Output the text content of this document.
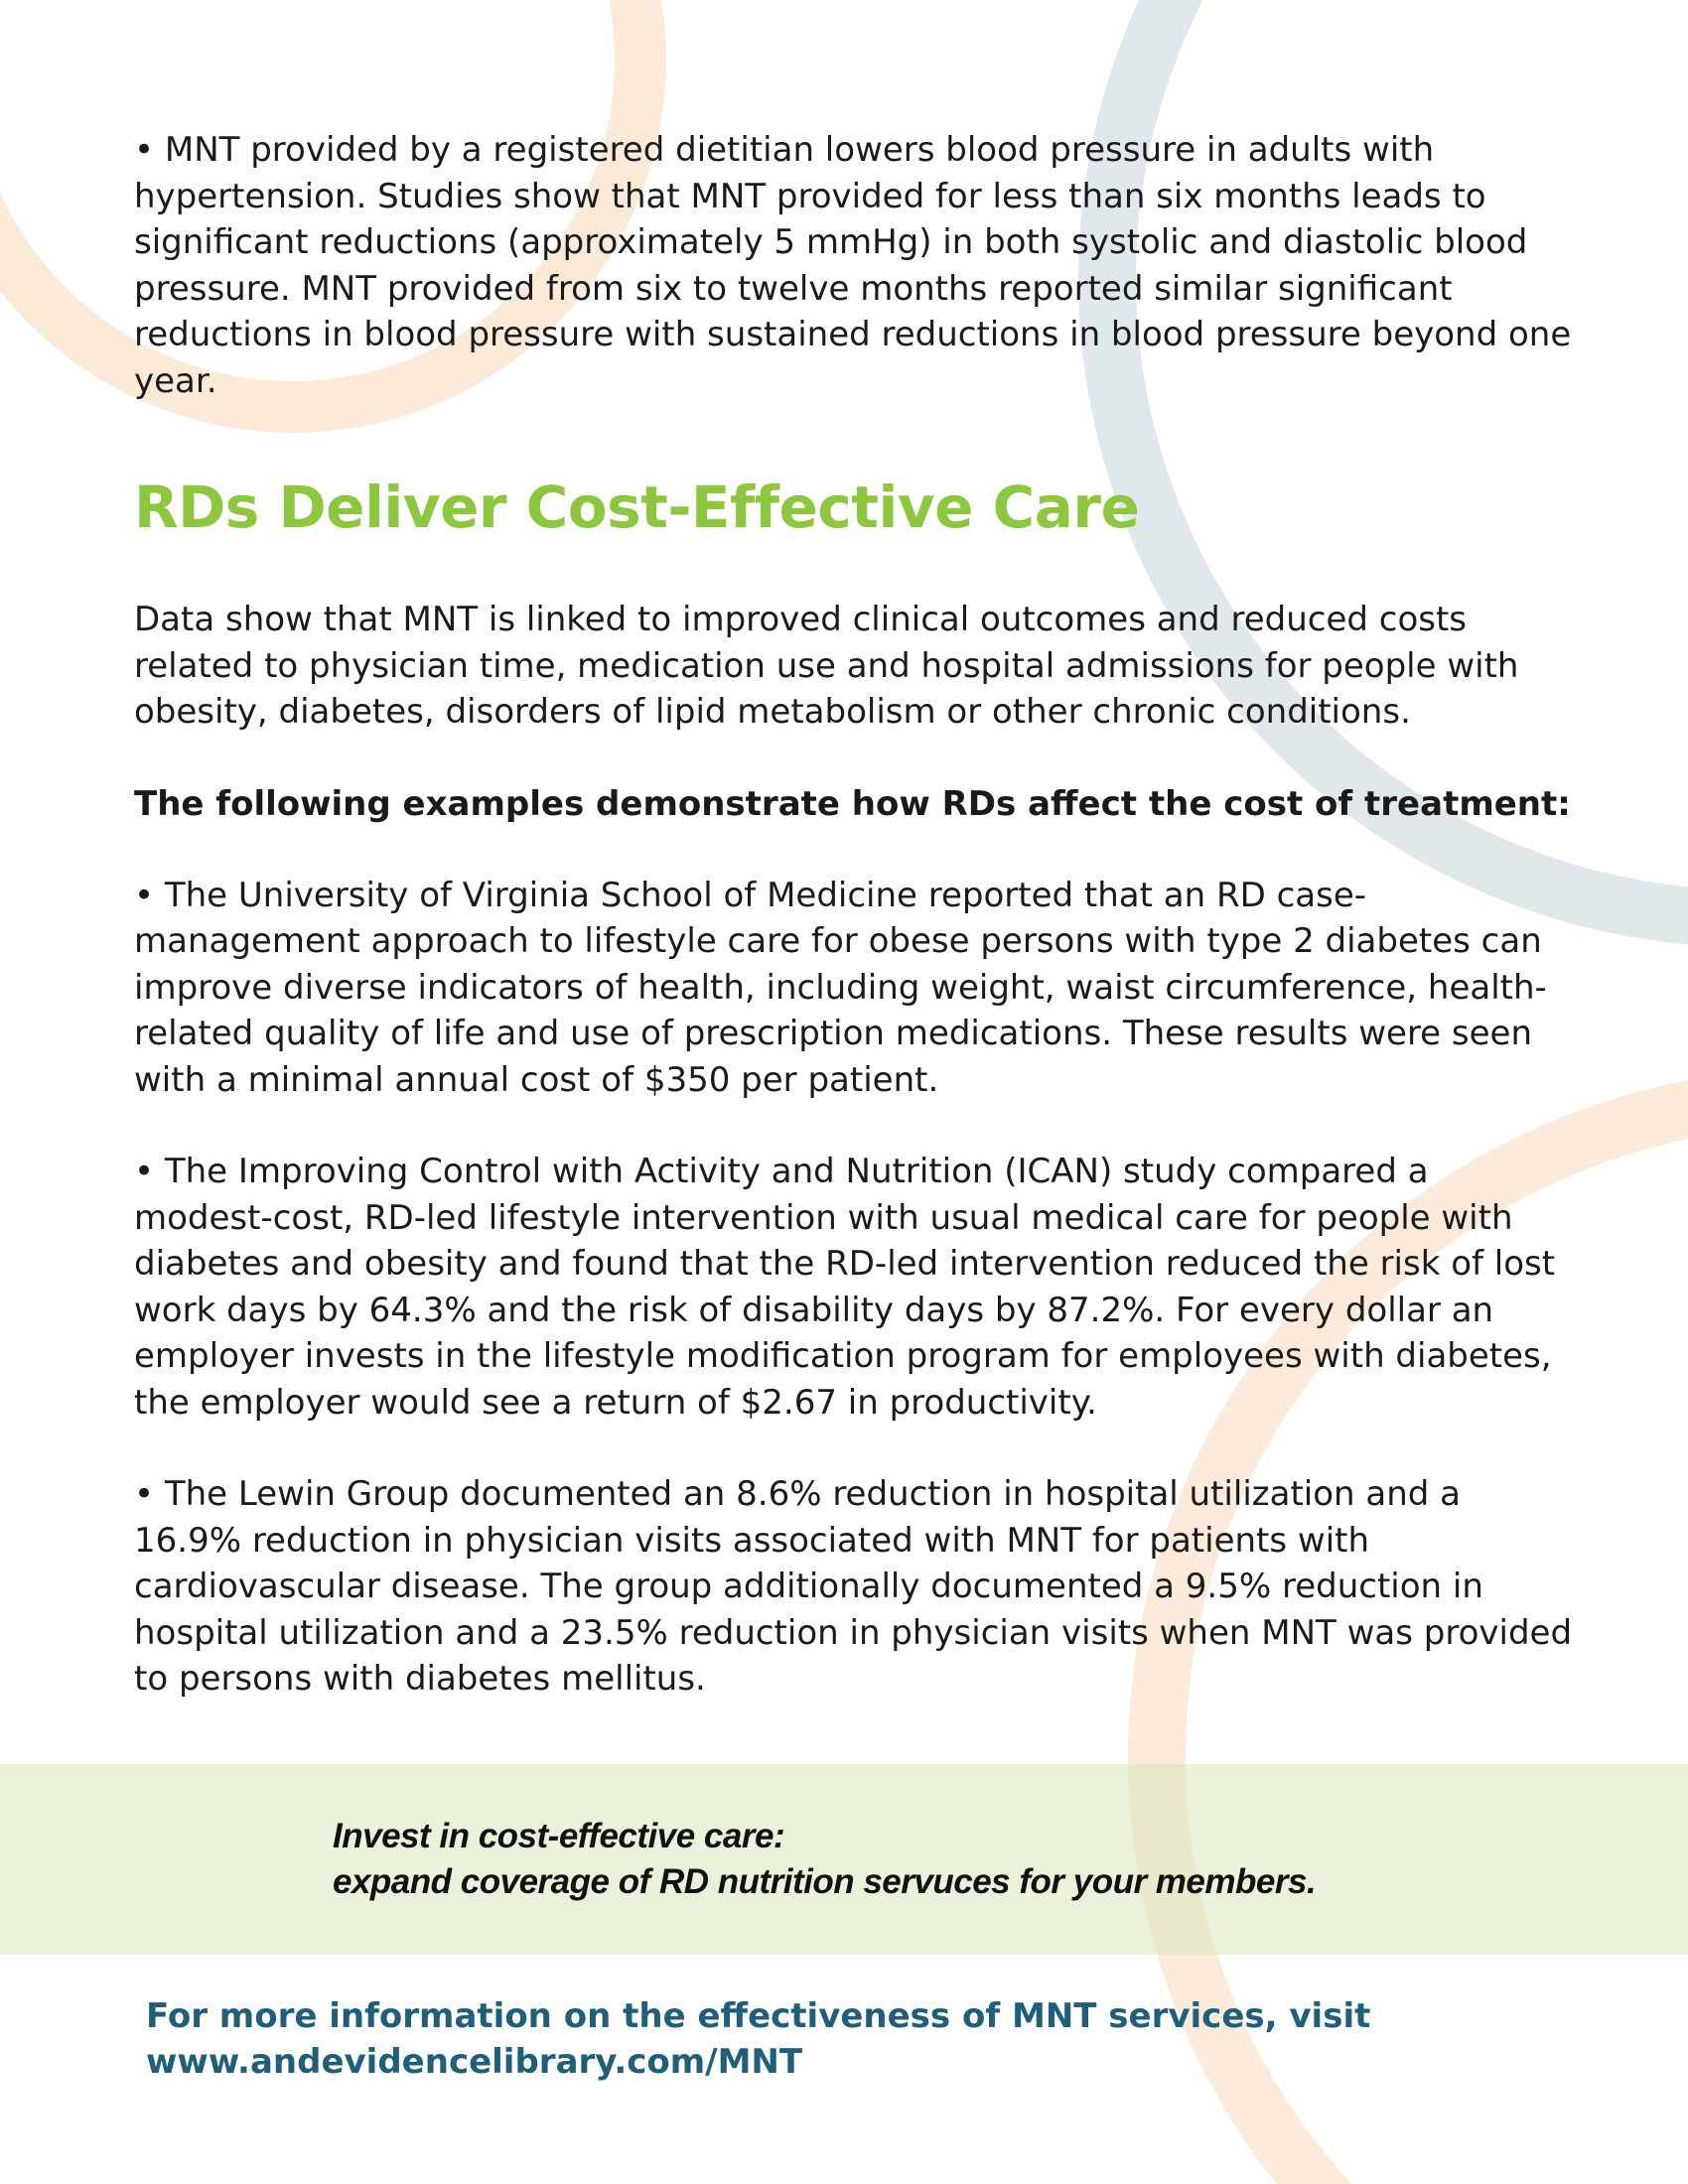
• MNT provided by a registered dietitian lowers blood pressure in adults with hypertension. Studies show that MNT provided for less than six months leads to significant reductions (approximately 5 mmHg) in both systolic and diastolic blood pressure. MNT provided from six to twelve months reported similar significant reductions in blood pressure with sustained reductions in blood pressure beyond one year.

RDs Deliver Cost-Effective Care

Data show that MNT is linked to improved clinical outcomes and reduced costs related to physician time, medication use and hospital admissions for people with obesity, diabetes, disorders of lipid metabolism or other chronic conditions.

The following examples demonstrate how RDs affect the cost of treatment:

• The University of Virginia School of Medicine reported that an RD case-management approach to lifestyle care for obese persons with type 2 diabetes can improve diverse indicators of health, including weight, waist circumference, health-related quality of life and use of prescription medications. These results were seen with a minimal annual cost of $350 per patient.

• The Improving Control with Activity and Nutrition (ICAN) study compared a modest-cost, RD-led lifestyle intervention with usual medical care for people with diabetes and obesity and found that the RD-led intervention reduced the risk of lost work days by 64.3% and the risk of disability days by 87.2%. For every dollar an employer invests in the lifestyle modification program for employees with diabetes, the employer would see a return of $2.67 in productivity.

• The Lewin Group documented an 8.6% reduction in hospital utilization and a 16.9% reduction in physician visits associated with MNT for patients with cardiovascular disease. The group additionally documented a 9.5% reduction in hospital utilization and a 23.5% reduction in physician visits when MNT was provided to persons with diabetes mellitus.

Invest in cost-effective care:
expand coverage of RD nutrition servuces for your members.
For more information on the effectiveness of MNT services, visit
www.andevidencelibrary.com/MNT
